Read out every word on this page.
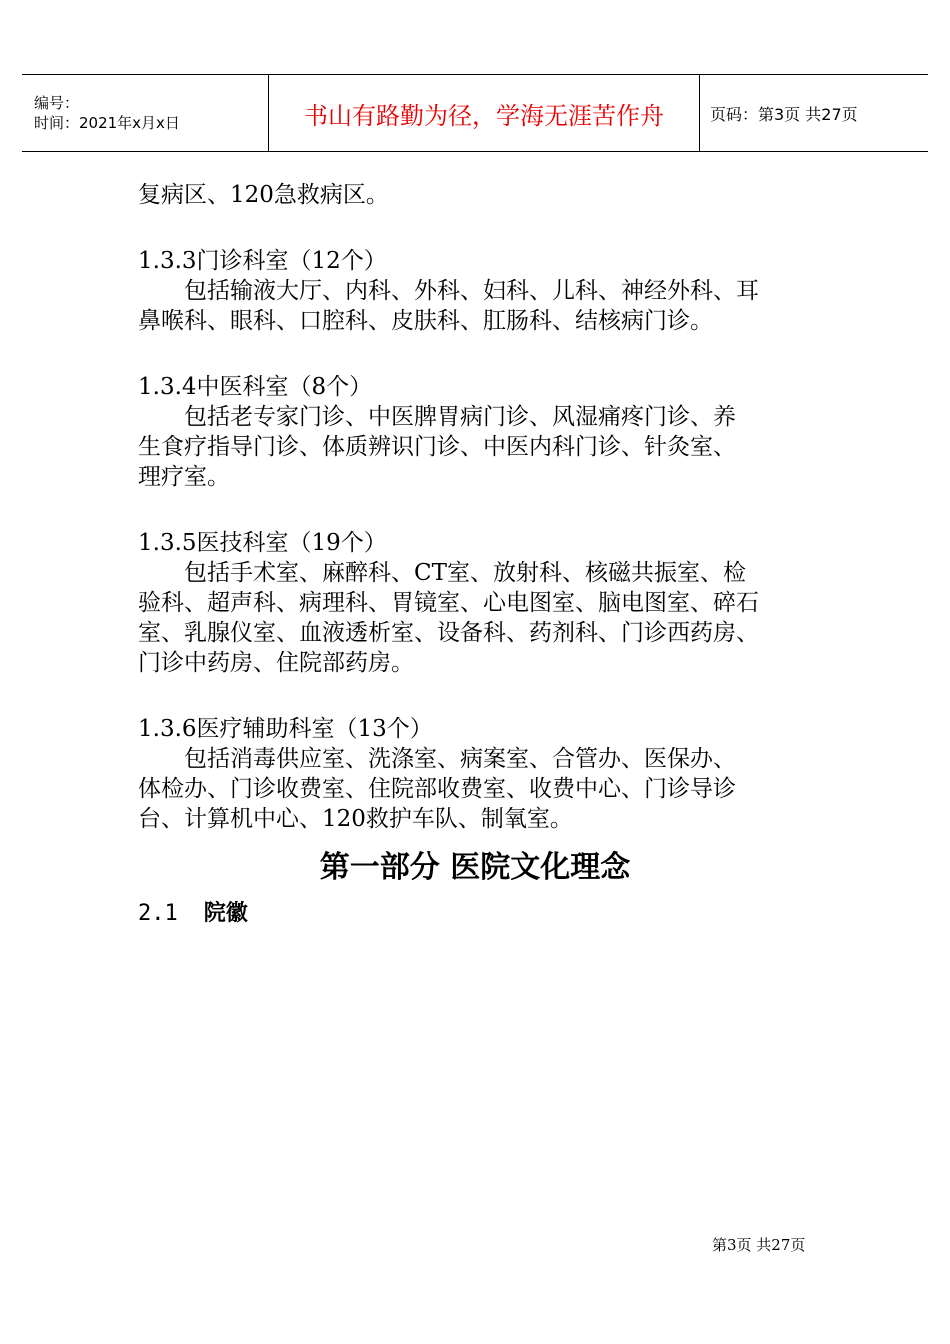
编号：
时间：2021年x月x日	书山有路勤为径，学海无涯苦作舟	页码：第3页 共27页
复病区、120急救病区。
1.3.3门诊科室（12个）
包括输液大厅、内科、外科、妇科、儿科、神经外科、耳
鼻喉科、眼科、口腔科、皮肤科、肛肠科、结核病门诊。
1.3.4中医科室（8个）
包括老专家门诊、中医脾胃病门诊、风湿痛疼门诊、养
生食疗指导门诊、体质辨识门诊、中医内科门诊、针灸室、
理疗室。
1.3.5医技科室（19个）
包括手术室、麻醉科、CT室、放射科、核磁共振室、检
验科、超声科、病理科、胃镜室、心电图室、脑电图室、碎石
室、乳腺仪室、血液透析室、设备科、药剂科、门诊西药房、
门诊中药房、住院部药房。
1.3.6医疗辅助科室（13个）
包括消毒供应室、洗涤室、病案室、合管办、医保办、
体检办、门诊收费室、住院部收费室、收费中心、门诊导诊
台、计算机中心、120救护车队、制氧室。
第一部分 医院文化理念
2.1 院徽
第3页 共27页
